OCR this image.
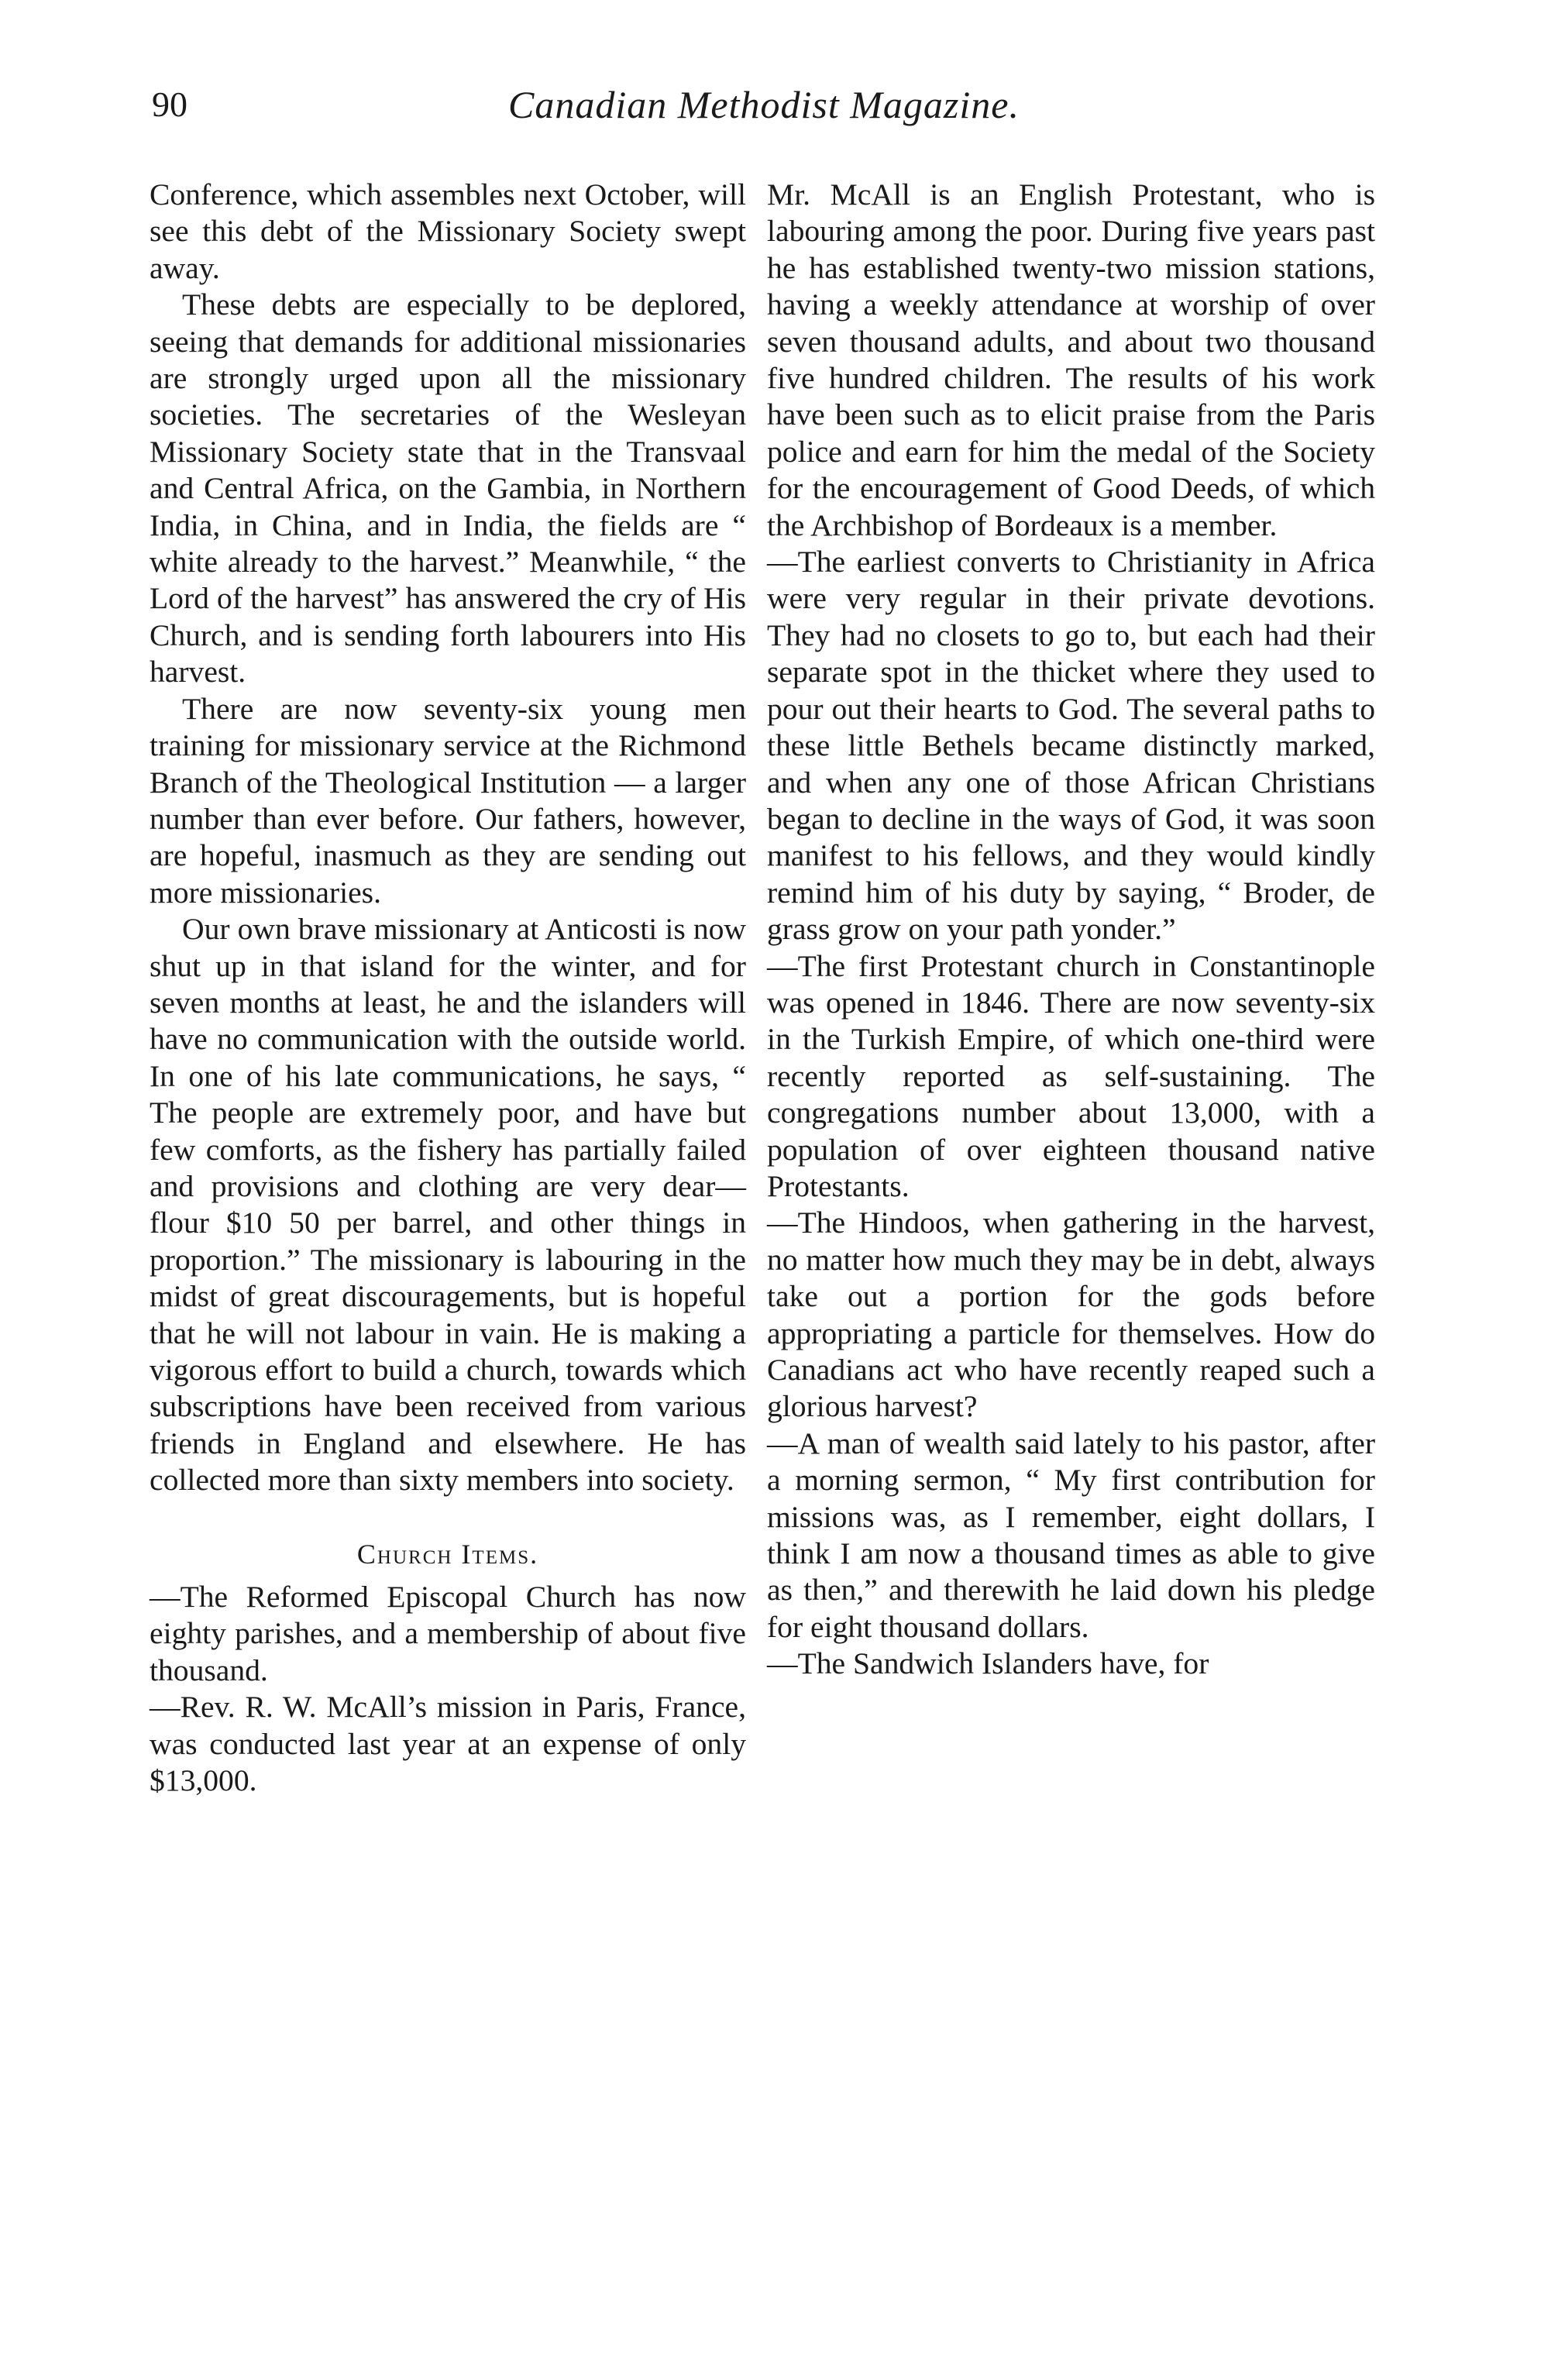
90	Canadian Methodist Magazine.

Conference, which assembles next October, will see this debt of the Missionary Society swept away.

These debts are especially to be deplored, seeing that demands for additional missionaries are strongly urged upon all the missionary societies. The secretaries of the Wesleyan Missionary Society state that in the Transvaal and Central Africa, on the Gambia, in Northern India, in China, and in India, the fields are “ white already to the harvest.” Meanwhile, “ the Lord of the harvest” has answered the cry of His Church, and is sending forth labourers into His harvest.

There are now seventy-six young men training for missionary service at the Richmond Branch of the Theological Institution — a larger number than ever before. Our fathers, however, are hopeful, inasmuch as they are sending out more missionaries.

Our own brave missionary at Anticosti is now shut up in that island for the winter, and for seven months at least, he and the islanders will have no communication with the outside world. In one of his late communications, he says, “ The people are extremely poor, and have but few comforts, as the fishery has partially failed and provisions and clothing are very dear—flour $10 50 per barrel, and other things in proportion.” The missionary is labouring in the midst of great discouragements, but is hopeful that he will not labour in vain. He is making a vigorous effort to build a church, towards which subscriptions have been received from various friends in England and elsewhere. He has collected more than sixty members into society.

Church Items.

—The Reformed Episcopal Church has now eighty parishes, and a membership of about five thousand.

—Rev. R. W. McAll’s mission in Paris, France, was conducted last year at an expense of only $13,000.

Mr. McAll is an English Protestant, who is labouring among the poor. During five years past he has established twenty-two mission stations, having a weekly attendance at worship of over seven thousand adults, and about two thousand five hundred children. The results of his work have been such as to elicit praise from the Paris police and earn for him the medal of the Society for the encouragement of Good Deeds, of which the Archbishop of Bordeaux is a member.

—The earliest converts to Christianity in Africa were very regular in their private devotions. They had no closets to go to, but each had their separate spot in the thicket where they used to pour out their hearts to God. The several paths to these little Bethels became distinctly marked, and when any one of those African Christians began to decline in the ways of God, it was soon manifest to his fellows, and they would kindly remind him of his duty by saying, “ Broder, de grass grow on your path yonder.”

—The first Protestant church in Constantinople was opened in 1846. There are now seventy-six in the Turkish Empire, of which one-third were recently reported as self-sustaining. The congregations number about 13,000, with a population of over eighteen thousand native Protestants.

—The Hindoos, when gathering in the harvest, no matter how much they may be in debt, always take out a portion for the gods before appropriating a particle for themselves. How do Canadians act who have recently reaped such a glorious harvest?

—A man of wealth said lately to his pastor, after a morning sermon, “ My first contribution for missions was, as I remember, eight dollars, I think I am now a thousand times as able to give as then,” and therewith he laid down his pledge for eight thousand dollars.

—The Sandwich Islanders have, for
